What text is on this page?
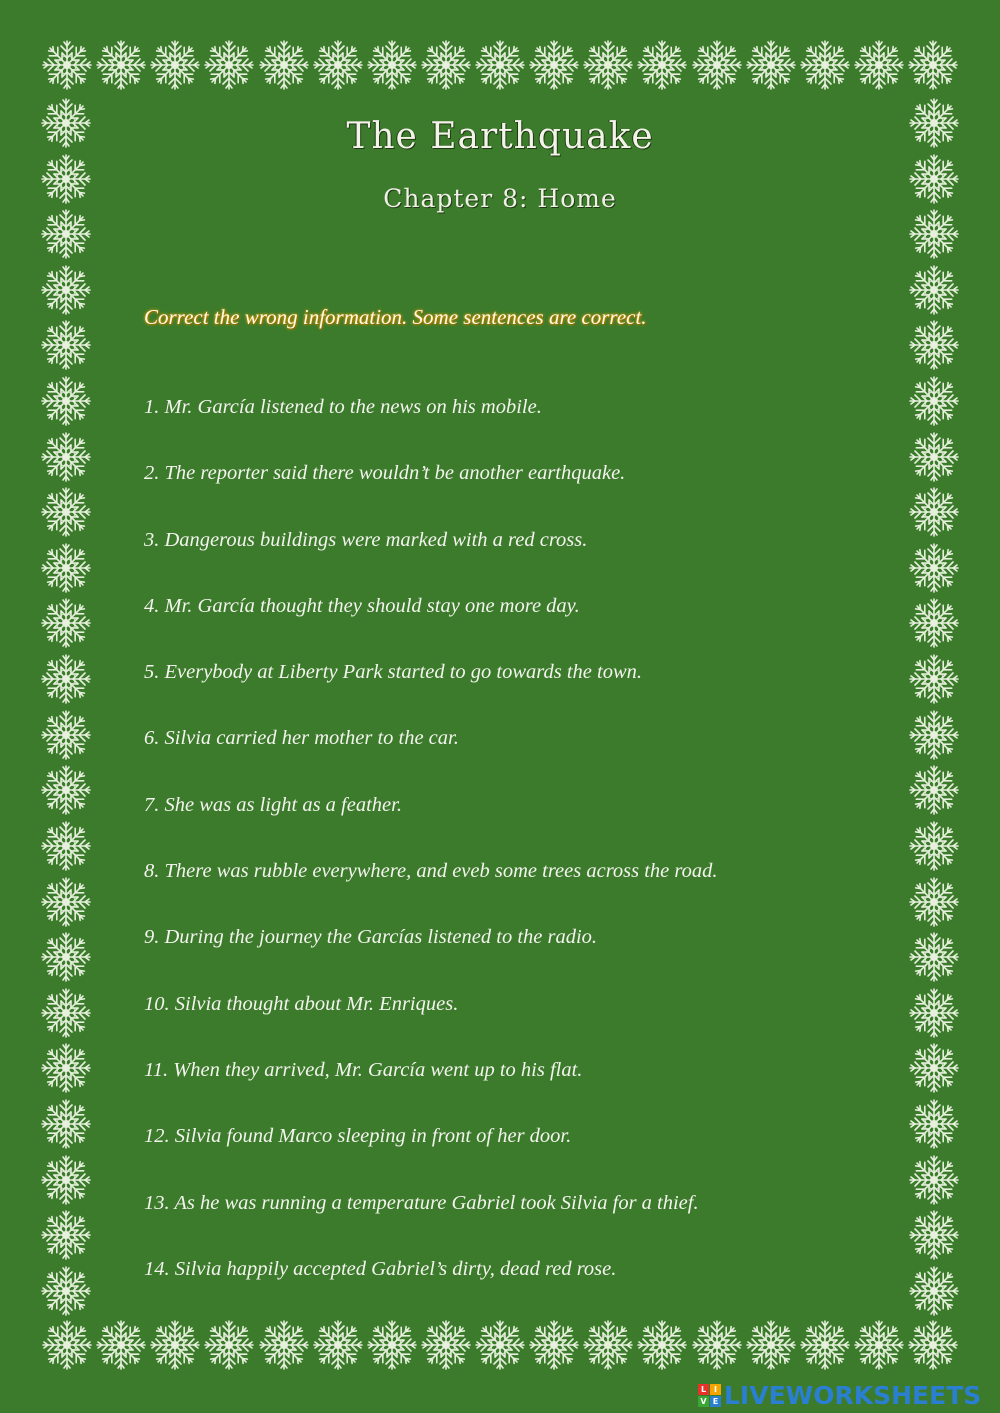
The Earthquake
Chapter 8: Home
Correct the wrong information. Some sentences are correct.
1. Mr. García listened to the news on his mobile.
2. The reporter said there wouldn’t be another earthquake.
3. Dangerous buildings were marked with a red cross.
4. Mr. García thought they should stay one more day.
5. Everybody at Liberty Park started to go towards the town.
6. Silvia carried her mother to the car.
7. She was as light as a feather.
8. There was rubble everywhere, and eveb some trees across the road.
9. During the journey the Garcías listened to the radio.
10. Silvia thought about Mr. Enriques.
11. When they arrived, Mr. García went up to his flat.
12. Silvia found Marco sleeping in front of her door.
13. As he was running a temperature Gabriel took Silvia for a thief.
14. Silvia happily accepted Gabriel’s dirty, dead red rose.
L I
V E LIVEWORKSHEETS
